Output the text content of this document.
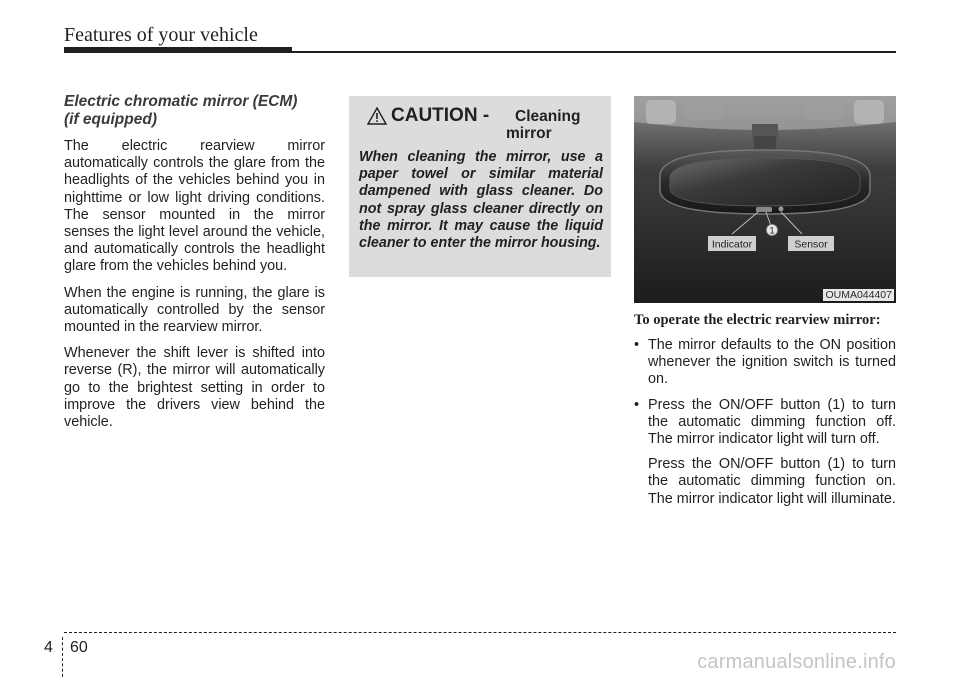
Features of your vehicle
Electric chromatic mirror (ECM)
(if equipped)

The electric rearview mirror automatically controls the glare from the headlights of the vehicles behind you in nighttime or low light driving conditions. The sensor mounted in the mirror senses the light level around the vehicle, and automatically controls the headlight glare from the vehicles behind you.

When the engine is running, the glare is automatically controlled by the sensor mounted in the rearview mirror.

Whenever the shift lever is shifted into reverse (R), the mirror will automatically go to the brightest setting in order to improve the drivers view behind the vehicle.

CAUTION - Cleaning
mirror

When cleaning the mirror, use a paper towel or similar material dampened with glass cleaner. Do not spray glass cleaner directly on the mirror. It may cause the liquid cleaner to enter the mirror housing.

1
Indicator	Sensor
OUMA044407
To operate the electric rearview mirror:
• The mirror defaults to the ON position whenever the ignition switch is turned on.
• Press the ON/OFF button (1) to turn the automatic dimming function off. The mirror indicator light will turn off.

Press the ON/OFF button (1) to turn the automatic dimming function on. The mirror indicator light will illuminate.

4 60
carmanualsonline.info
